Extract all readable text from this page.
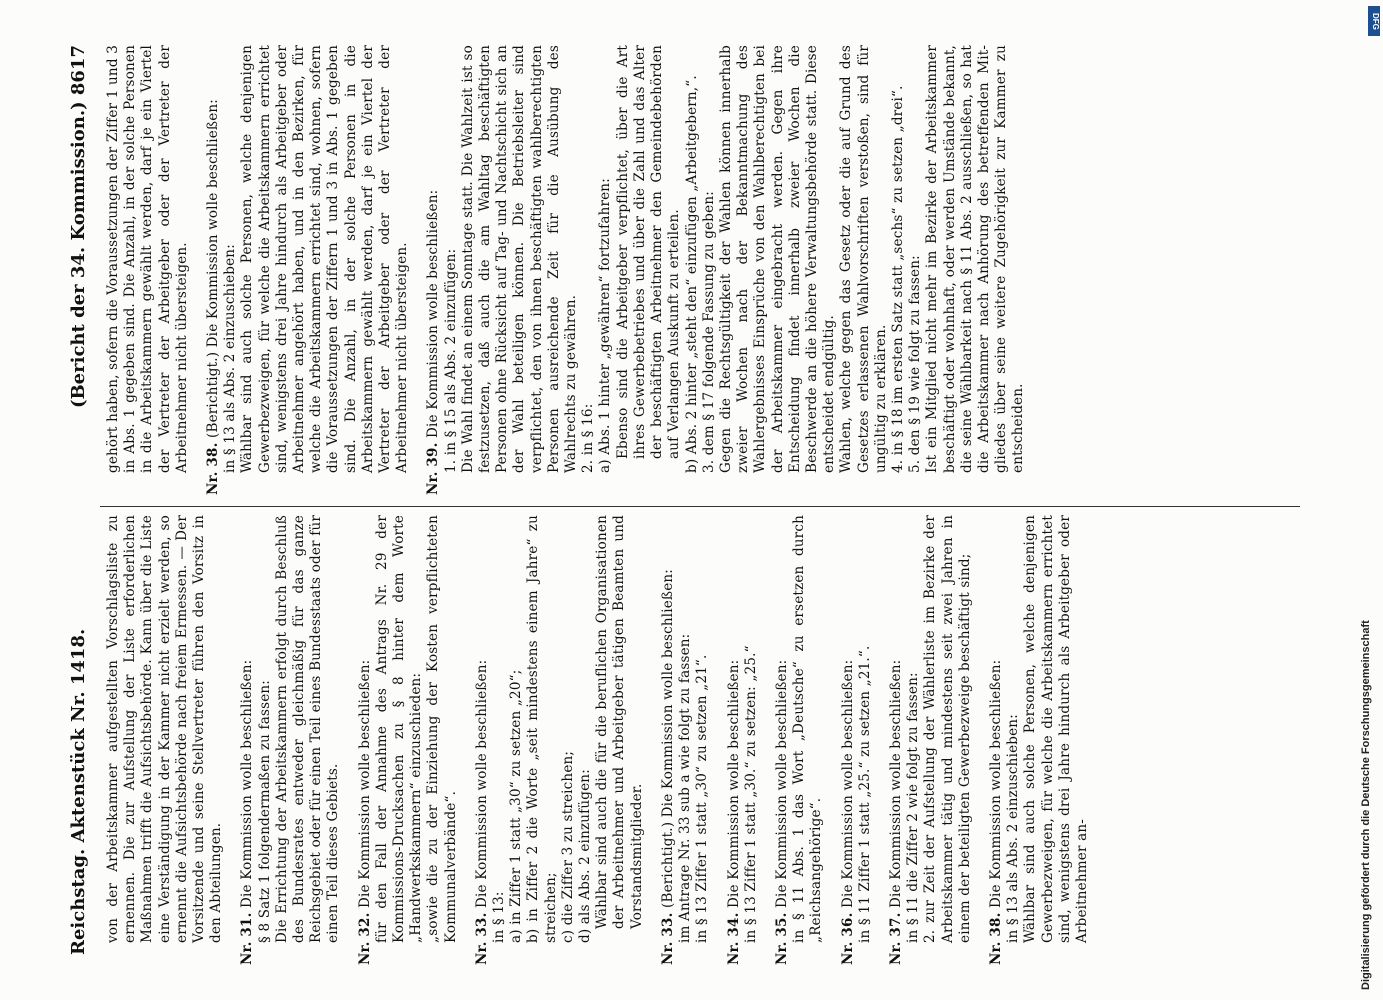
Reichstag. Aktenstück Nr. 1418.
(Bericht der 34. Kommission.) 8617

von der Arbeitskammer aufgestellten Vorschlagsliste zu ernennen. Die zur Aufstellung der Liste erforderlichen Maßnahmen trifft die Aufsichtsbehörde. Kann über die Liste eine Verständigung in der Kammer nicht erzielt werden, so ernennt die Aufsichtsbehörde nach freiem Ermessen. — Der Vorsitzende und seine Stellvertreter führen den Vorsitz in den Abteilungen. Nr. 31. Die Kommission wolle beschließen: § 8 Satz 1 folgendermaßen zu fassen: Die Errichtung der Arbeitskammern erfolgt durch Beschluß des Bundesrates entweder gleichmäßig für das ganze Reichsgebiet oder für einen Teil eines Bundesstaats oder für einen Teil dieses Gebiets. Nr. 32. Die Kommission wolle beschließen: für den Fall der Annahme des Antrags Nr. 29 der Kommissions-Drucksachen zu § 8 hinter dem Worte „Handwerkskammern“ einzuschieden: „sowie die zu der Einziehung der Kosten verpflichteten Kommunalverbände“. Nr. 33. Die Kommission wolle beschließen:

in § 13: a) in Ziffer 1 statt „30“ zu setzen „20“; b) in Ziffer 2 die Worte „seit mindestens einem Jahre“ zu streichen; c) die Ziffer 3 zu streichen; d) als Abs. 2 einzufügen: Wählbar sind auch die für die beruflichen Organisationen der Arbeitnehmer und Arbeitgeber tätigen Beamten und Vorstandsmitglieder.

Nr. 33. (Berichtigt.) Die Kommission wolle beschließen: im Antrage Nr. 33 sub a wie folgt zu fassen: in § 13 Ziffer 1 statt „30“ zu setzen „21“. Nr. 34. Die Kommission wolle beschließen: in § 13 Ziffer 1 statt „30.“ zu setzen: „25.“ Nr. 35. Die Kommission wolle beschließen: in § 11 Abs. 1 das Wort „Deutsche“ zu ersetzen durch „Reichsangehörige“. Nr. 36. Die Kommission wolle beschließen: in § 11 Ziffer 1 statt „25.“ zu setzen „21.“. Nr. 37. Die Kommission wolle beschließen: in § 11 die Ziffer 2 wie folgt zu fassen: 2. zur Zeit der Aufstellung der Wählerliste im Bezirke der Arbeitskammer tätig und mindestens seit zwei Jahren in einem der beteiligten Gewerbezweige beschäftigt sind; Nr. 38. Die Kommission wolle beschließen: in § 13 als Abs. 2 einzuschieben: Wählbar sind auch solche Personen, welche denjenigen Gewerbezweigen, für welche die Arbeitskammern errichtet sind, wenigstens drei Jahre hindurch als Arbeitgeber oder Arbeitnehmer an-

gehört haben, sofern die Voraussetzungen der Ziffer 1 und 3 in Abs. 1 gegeben sind. Die Anzahl, in der solche Personen in die Arbeitskammern gewählt werden, darf je ein Viertel der Vertreter der Arbeitgeber oder der Vertreter der Arbeitnehmer nicht übersteigen. Nr. 38. (Berichtigt.) Die Kommission wolle beschließen: in § 13 als Abs. 2 einzuschieben: Wählbar sind auch solche Personen, welche denjenigen Gewerbezweigen, für welche die Arbeitskammern errichtet sind, wenigstens drei Jahre hindurch als Arbeitgeber oder Arbeitnehmer angehört haben, und in den Bezirken, für welche die Arbeitskammern errichtet sind, wohnen, sofern die Voraussetzungen der Ziffern 1 und 3 in Abs. 1 gegeben sind. Die Anzahl, in der solche Personen in die Arbeitskammern gewählt werden, darf je ein Viertel der Vertreter der Arbeitgeber oder der Vertreter der Arbeitnehmer nicht übersteigen. Nr. 39. Die Kommission wolle beschließen: 1. in § 15 als Abs. 2 einzufügen: Die Wahl findet an einem Sonntage statt. Die Wahlzeit ist so festzusetzen, daß auch die am Wahltag beschäftigten Personen ohne Rücksicht auf Tag- und Nachtschicht sich an der Wahl beteiligen können. Die Betriebsleiter sind verpflichtet, den von ihnen beschäftigten wahlberechtigten Personen ausreichende Zeit für die Ausübung des Wahlrechts zu gewähren. 2. in § 16: a) Abs. 1 hinter „gewähren“ fortzufahren: Ebenso sind die Arbeitgeber verpflichtet, über die Art ihres Gewerbebetriebes und über die Zahl und das Alter der beschäftigten Arbeitnehmer den Gemeindebehörden auf Verlangen Auskunft zu erteilen. b) Abs. 2 hinter „steht den“ einzufügen „Arbeitgebern,“. 3. dem § 17 folgende Fassung zu geben: Gegen die Rechtsgültigkeit der Wahlen können innerhalb zweier Wochen nach der Bekanntmachung des Wahlergebnisses Einsprüche von den Wahlberechtigten bei der Arbeitskammer eingebracht werden. Gegen ihre Entscheidung findet innerhalb zweier Wochen die Beschwerde an die höhere Verwaltungsbehörde statt. Diese entscheidet endgültig. Wahlen, welche gegen das Gesetz oder die auf Grund des Gesetzes erlassenen Wahlvorschriften verstoßen, sind für ungültig zu erklären. 4. in § 18 im ersten Satz statt „sechs“ zu setzen „drei“. 5. den § 19 wie folgt zu fassen: Ist ein Mitglied nicht mehr im Bezirke der Arbeitskammer beschäftigt oder wohnhaft, oder werden Umstände bekannt, die seine Wählbarkeit nach § 11 Abs. 2 ausschließen, so hat die Arbeitskammer nach Anhörung des betreffenden Mitgliedes über seine weitere Zugehörigkeit zur Kammer zu entscheiden.

Digitalisierung gefördert durch die Deutsche Forschungsgemeinschaft
DFG
